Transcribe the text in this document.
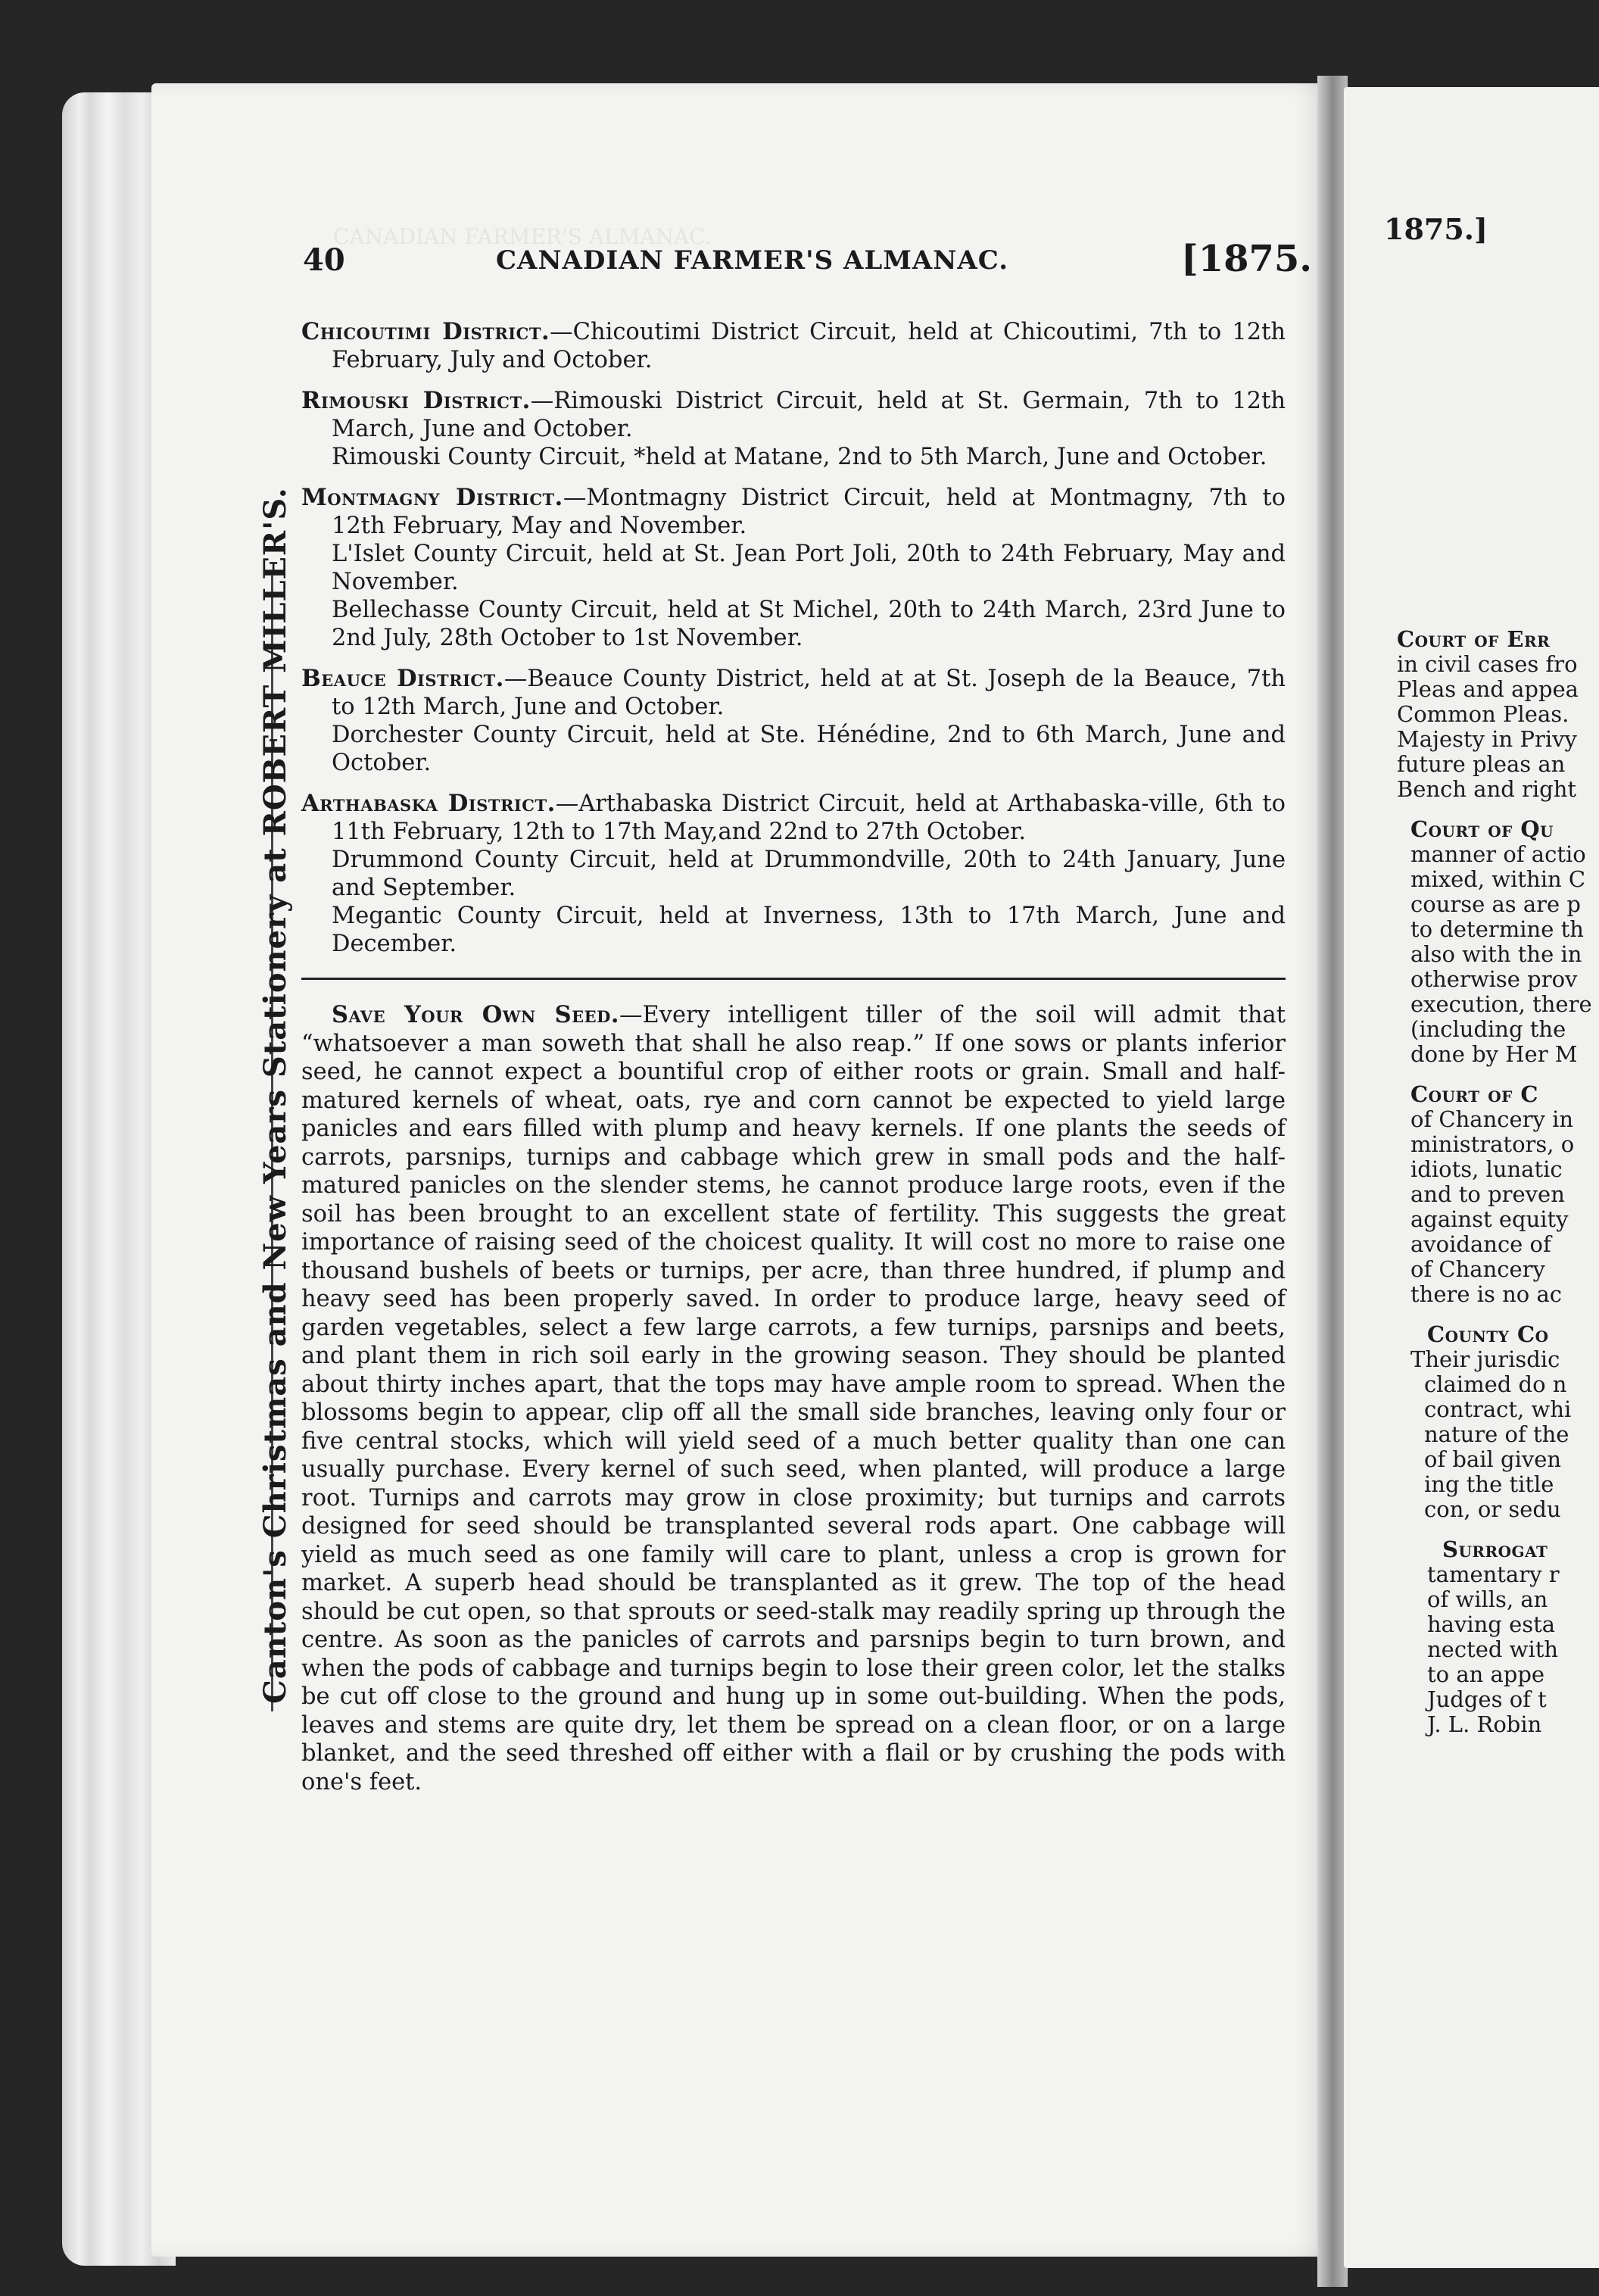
CANADIAN FARMER'S ALMANAC.
Canton's Christmas and New Years Stationery at ROBERT MILLER'S.
40	CANADIAN FARMER'S ALMANAC.	[1875.
Chicoutimi District.—Chicoutimi District Circuit, held at Chicoutimi, 7th to 12th February, July and October.
Rimouski District.—Rimouski District Circuit, held at St. Germain, 7th to 12th March, June and October.
Rimouski County Circuit, *held at Matane, 2nd to 5th March, June and October.
Montmagny District.—Montmagny District Circuit, held at Montmagny, 7th to 12th February, May and November.
L'Islet County Circuit, held at St. Jean Port Joli, 20th to 24th February, May and November.
Bellechasse County Circuit, held at St Michel, 20th to 24th March, 23rd June to 2nd July, 28th October to 1st November.
Beauce District.—Beauce County District, held at at St. Joseph de la Beauce, 7th to 12th March, June and October.
Dorchester County Circuit, held at Ste. Hénédine, 2nd to 6th March, June and October.
Arthabaska District.—Arthabaska District Circuit, held at Arthabaska-ville, 6th to 11th February, 12th to 17th May,and 22nd to 27th October.
Drummond County Circuit, held at Drummondville, 20th to 24th January, June and September.
Megantic County Circuit, held at Inverness, 13th to 17th March, June and December.
Save Your Own Seed.—Every intelligent tiller of the soil will admit that “whatsoever a man soweth that shall he also reap.” If one sows or plants inferior seed, he cannot expect a bountiful crop of either roots or grain. Small and half-matured kernels of wheat, oats, rye and corn cannot be expected to yield large panicles and ears filled with plump and heavy kernels. If one plants the seeds of carrots, parsnips, turnips and cabbage which grew in small pods and the half-matured panicles on the slender stems, he cannot produce large roots, even if the soil has been brought to an excellent state of fertility. This suggests the great importance of raising seed of the choicest quality. It will cost no more to raise one thousand bushels of beets or turnips, per acre, than three hundred, if plump and heavy seed has been properly saved. In order to produce large, heavy seed of garden vegetables, select a few large carrots, a few turnips, parsnips and beets, and plant them in rich soil early in the growing season. They should be planted about thirty inches apart, that the tops may have ample room to spread. When the blossoms begin to appear, clip off all the small side branches, leaving only four or five central stocks, which will yield seed of a much better quality than one can usually purchase. Every kernel of such seed, when planted, will produce a large root. Turnips and carrots may grow in close proximity; but turnips and carrots designed for seed should be transplanted several rods apart. One cabbage will yield as much seed as one family will care to plant, unless a crop is grown for market. A superb head should be transplanted as it grew. The top of the head should be cut open, so that sprouts or seed-stalk may readily spring up through the centre. As soon as the panicles of carrots and parsnips begin to turn brown, and when the pods of cabbage and turnips begin to lose their green color, let the stalks be cut off close to the ground and hung up in some out-building. When the pods, leaves and stems are quite dry, let them be spread on a clean floor, or on a large blanket, and the seed threshed off either with a flail or by crushing the pods with one's feet.
1875.]
Court of Err
in civil cases fro
Pleas and appea
Common Pleas.
Majesty in Privy
future pleas an
Bench and right
Court of Qu
manner of actio
mixed, within C
course as are p
to determine th
also with the in
otherwise prov
execution, there
(including the
done by Her M
Court of C
of Chancery in
ministrators, o
idiots, lunatic
and to preven
against equity
avoidance of
of Chancery
there is no ac
County Co
Their jurisdic
claimed do n
contract, whi
nature of the
of bail given
ing the title
con, or sedu
Surrogat
tamentary r
of wills, an
having esta
nected with
to an appe
Judges of t
J. L. Robin
